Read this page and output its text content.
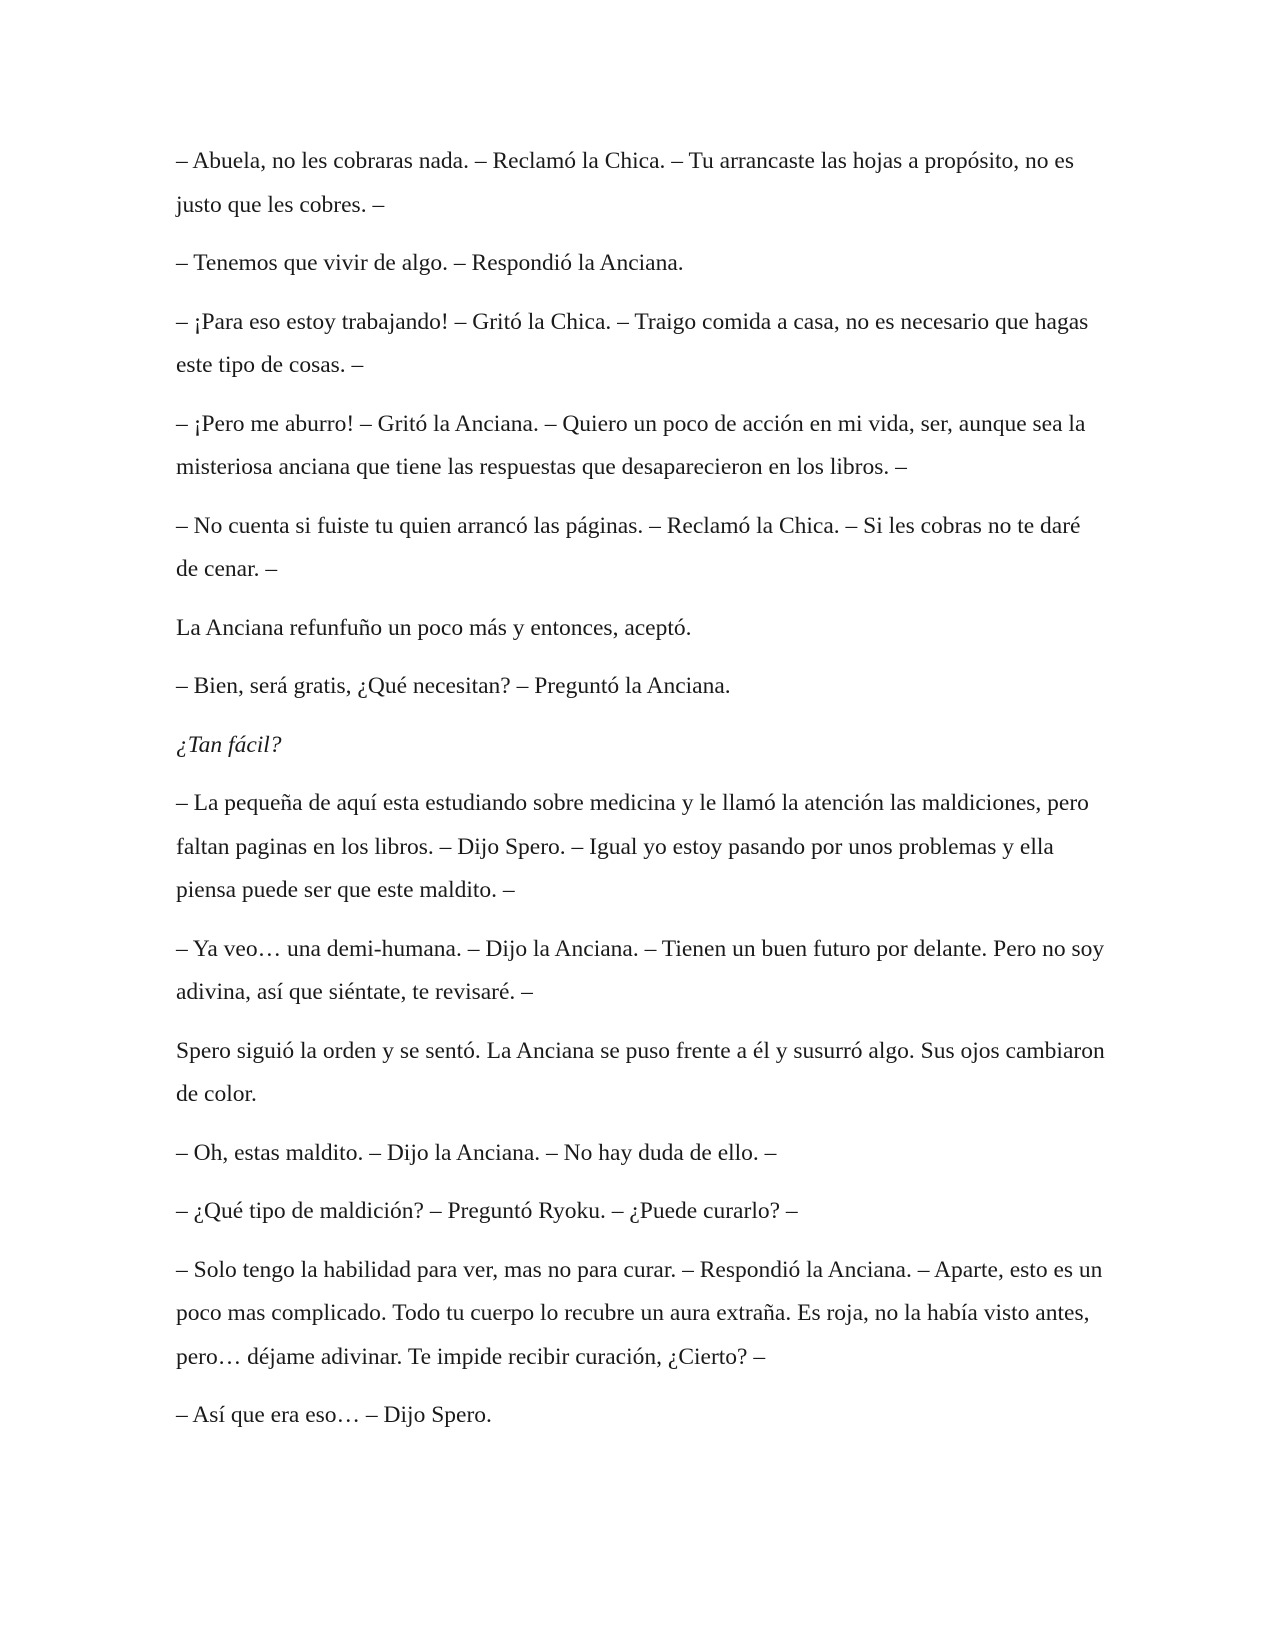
– Abuela, no les cobraras nada. – Reclamó la Chica. – Tu arrancaste las hojas a propósito, no es justo que les cobres. –

– Tenemos que vivir de algo. – Respondió la Anciana.

– ¡Para eso estoy trabajando! – Gritó la Chica. – Traigo comida a casa, no es necesario que hagas este tipo de cosas. –

– ¡Pero me aburro! – Gritó la Anciana. – Quiero un poco de acción en mi vida, ser, aunque sea la misteriosa anciana que tiene las respuestas que desaparecieron en los libros. –

– No cuenta si fuiste tu quien arrancó las páginas. – Reclamó la Chica. – Si les cobras no te daré de cenar. –

La Anciana refunfuño un poco más y entonces, aceptó.

– Bien, será gratis, ¿Qué necesitan? – Preguntó la Anciana.

¿Tan fácil?

– La pequeña de aquí esta estudiando sobre medicina y le llamó la atención las maldiciones, pero faltan paginas en los libros. – Dijo Spero. – Igual yo estoy pasando por unos problemas y ella piensa puede ser que este maldito. –

– Ya veo… una demi-humana. – Dijo la Anciana. – Tienen un buen futuro por delante. Pero no soy adivina, así que siéntate, te revisaré. –

Spero siguió la orden y se sentó. La Anciana se puso frente a él y susurró algo. Sus ojos cambiaron de color.

– Oh, estas maldito. – Dijo la Anciana. – No hay duda de ello. –

– ¿Qué tipo de maldición? – Preguntó Ryoku. – ¿Puede curarlo? –

– Solo tengo la habilidad para ver, mas no para curar. – Respondió la Anciana. – Aparte, esto es un poco mas complicado. Todo tu cuerpo lo recubre un aura extraña. Es roja, no la había visto antes, pero… déjame adivinar. Te impide recibir curación, ¿Cierto? –

– Así que era eso… – Dijo Spero.
